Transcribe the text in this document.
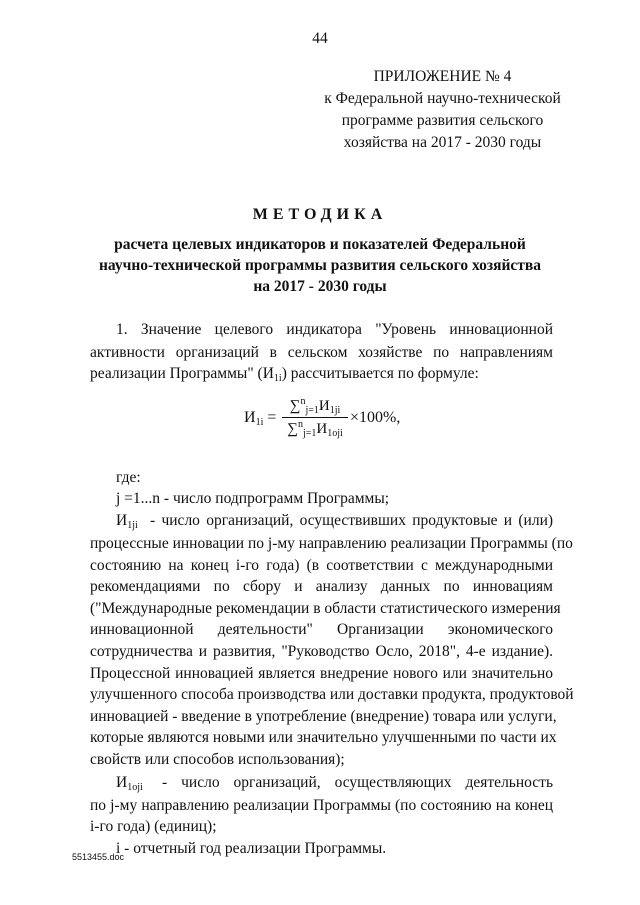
44
ПРИЛОЖЕНИЕ № 4
к Федеральной научно-технической
программе развития сельского
хозяйства на 2017 - 2030 годы
МЕТОДИКА
расчета целевых индикаторов и показателей Федеральной
научно-технической программы развития сельского хозяйства
на 2017 - 2030 годы
1. Значение целевого индикатора "Уровень инновационной
активности организаций в сельском хозяйстве по направлениям
реализации Программы" $(И_{1i})$ рассчитывается по формуле:
$И_{1i}$ =
$\sum^n_{j=1}И_{1ji}$
$\sum^n_{j=1}И_{1oji}$
×100%,
где:
j =1...n - число подпрограмм Программы;
$И_{1ji}$ - число организаций, осуществивших продуктовые и (или)
процессные инновации по j-му направлению реализации Программы (по
состоянию на конец i-го года) (в соответствии с международными
рекомендациями по сбору и анализу данных по инновациям
("Международные рекомендации в области статистического измерения
инновационной деятельности" Организации экономического
сотрудничества и развития, "Руководство Осло, 2018", 4-е издание).
Процессной инновацией является внедрение нового или значительно
улучшенного способа производства или доставки продукта, продуктовой
инновацией - введение в употребление (внедрение) товара или услуги,
которые являются новыми или значительно улучшенными по части их
свойств или способов использования);
$И_{1oji}$	- число организаций, осуществляющих деятельность
по j-му направлению реализации Программы (по состоянию на конец
i-го года) (единиц);
i - отчетный год реализации Программы.
5513455.doc
